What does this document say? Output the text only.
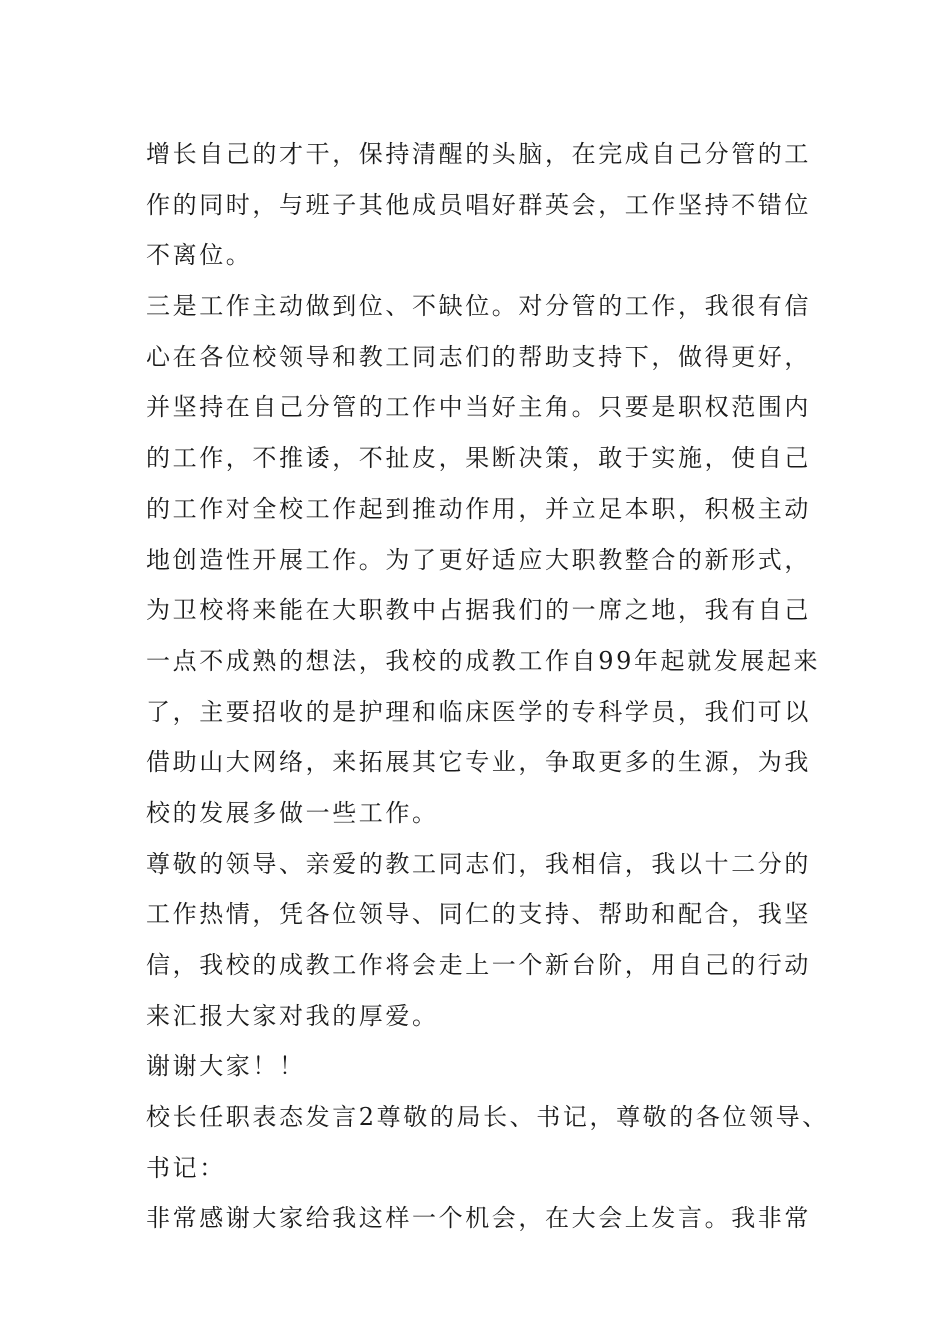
增长自己的才干，保持清醒的头脑，在完成自己分管的工
作的同时，与班子其他成员唱好群英会，工作坚持不错位
不离位。
三是工作主动做到位、不缺位。对分管的工作，我很有信
心在各位校领导和教工同志们的帮助支持下，做得更好，
并坚持在自己分管的工作中当好主角。只要是职权范围内
的工作，不推诿，不扯皮，果断决策，敢于实施，使自己
的工作对全校工作起到推动作用，并立足本职，积极主动
地创造性开展工作。为了更好适应大职教整合的新形式，
为卫校将来能在大职教中占据我们的一席之地，我有自己
一点不成熟的想法，我校的成教工作自99年起就发展起来
了，主要招收的是护理和临床医学的专科学员，我们可以
借助山大网络，来拓展其它专业，争取更多的生源，为我
校的发展多做一些工作。
尊敬的领导、亲爱的教工同志们，我相信，我以十二分的
工作热情，凭各位领导、同仁的支持、帮助和配合，我坚
信，我校的成教工作将会走上一个新台阶，用自己的行动
来汇报大家对我的厚爱。
谢谢大家！！
校长任职表态发言2尊敬的局长、书记，尊敬的各位领导、
书记：
非常感谢大家给我这样一个机会，在大会上发言。我非常
